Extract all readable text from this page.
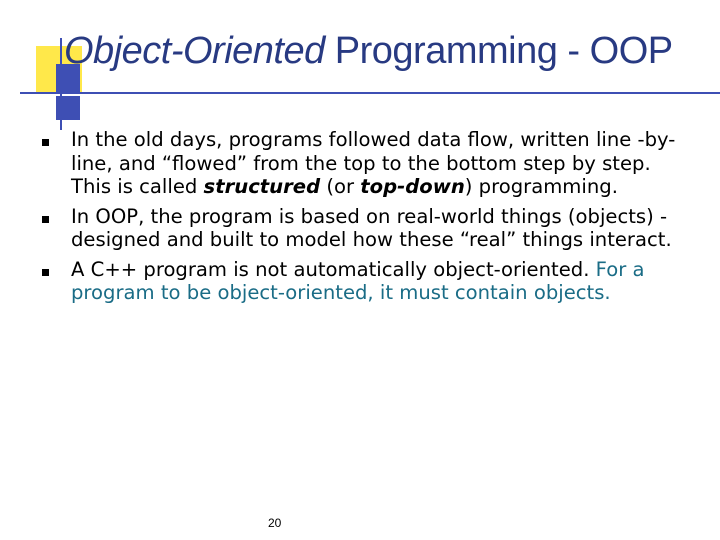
Object-Oriented Programming - OOP
In the old days, programs followed data flow, written line -by-line, and “flowed” from the top to the bottom step by step. This is called structured (or top-down) programming.
In OOP, the program is based on real-world things (objects) - designed and built to model how these “real” things interact.
A C++ program is not automatically object-oriented. For a program to be object-oriented, it must contain objects.
20
